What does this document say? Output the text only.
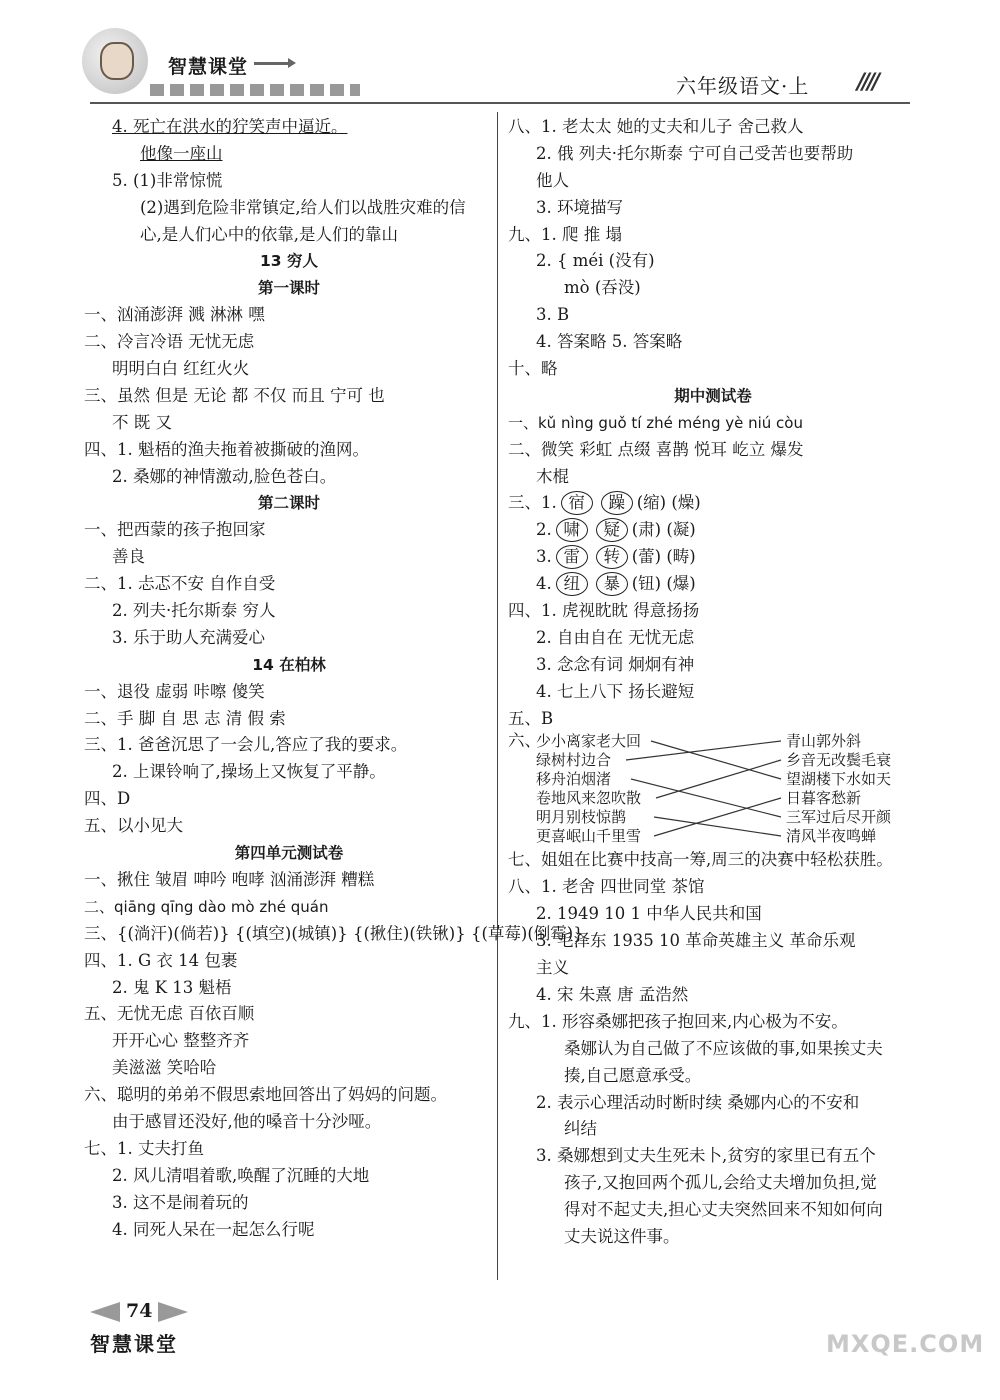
智慧课堂
六年级语文·上 ////
4. 死亡在洪水的狞笑声中逼近。
他像一座山
5. (1)非常惊慌
(2)遇到危险非常镇定,给人们以战胜灾难的信
心,是人们心中的依靠,是人们的靠山
13 穷人
第一课时
一、汹涌澎湃 溅 淋淋 嘿
二、冷言冷语 无忧无虑
明明白白 红红火火
三、虽然 但是 无论 都 不仅 而且 宁可 也
不 既 又
四、1. 魁梧的渔夫拖着被撕破的渔网。
2. 桑娜的神情激动,脸色苍白。
第二课时
一、把西蒙的孩子抱回家
善良
二、1. 忐忑不安 自作自受
2. 列夫·托尔斯泰 穷人
3. 乐于助人充满爱心
14 在柏林
一、退役 虚弱 咔嚓 傻笑
二、手 脚 自 思 志 清 假 索
三、1. 爸爸沉思了一会儿,答应了我的要求。
2. 上课铃响了,操场上又恢复了平静。
四、D
五、以小见大
第四单元测试卷
一、揪住 皱眉 呻吟 咆哮 汹涌澎湃 糟糕
二、qiāng qīng dào mò zhé quán
三、{(淌汗)(倘若)} {(填空)(城镇)} {(揪住)(铁锹)} {(草莓)(倒霉)}
四、1. G 衣 14 包裹
2. 鬼 K 13 魁梧
五、无忧无虑 百依百顺
开开心心 整整齐齐
美滋滋 笑哈哈
六、聪明的弟弟不假思索地回答出了妈妈的问题。
由于感冒还没好,他的嗓音十分沙哑。
七、1. 丈夫打鱼
2. 风儿清唱着歌,唤醒了沉睡的大地
3. 这不是闹着玩的
4. 同死人呆在一起怎么行呢
八、1. 老太太 她的丈夫和儿子 舍己救人
2. 俄 列夫·托尔斯泰 宁可自己受苦也要帮助
他人
3. 环境描写
九、1. 爬 推 塌
2. { méi (没有)
mò (吞没)
3. B
4. 答案略 5. 答案略
十、略
期中测试卷
一、kǔ nìng guǒ tí zhé méng yè niú còu
二、微笑 彩虹 点缀 喜鹊 悦耳 屹立 爆发
木棍
三、1. 宿 躁 (缩) (燥)
2. 啸 疑 (肃) (凝)
3. 雷 转 (蕾) (畴)
4. 纽 暴 (钮) (爆)
四、1. 虎视眈眈 得意扬扬
2. 自由自在 无忧无虑
3. 念念有词 炯炯有神
4. 七上八下 扬长避短
五、B
六、
少小离家老大回
绿树村边合
移舟泊烟渚
卷地风来忽吹散
明月别枝惊鹊
更喜岷山千里雪
青山郭外斜
乡音无改鬓毛衰
望湖楼下水如天
日暮客愁新
三军过后尽开颜
清风半夜鸣蝉
七、姐姐在比赛中技高一筹,周三的决赛中轻松获胜。
八、1. 老舍 四世同堂 茶馆
2. 1949 10 1 中华人民共和国
3. 毛泽东 1935 10 革命英雄主义 革命乐观
主义
4. 宋 朱熹 唐 孟浩然
九、1. 形容桑娜把孩子抱回来,内心极为不安。
桑娜认为自己做了不应该做的事,如果挨丈夫
揍,自己愿意承受。
2. 表示心理活动时断时续 桑娜内心的不安和
纠结
3. 桑娜想到丈夫生死未卜,贫穷的家里已有五个
孩子,又抱回两个孤儿,会给丈夫增加负担,觉
得对不起丈夫,担心丈夫突然回来不知如何向
丈夫说这件事。
74
智慧课堂	MXQE.COM
